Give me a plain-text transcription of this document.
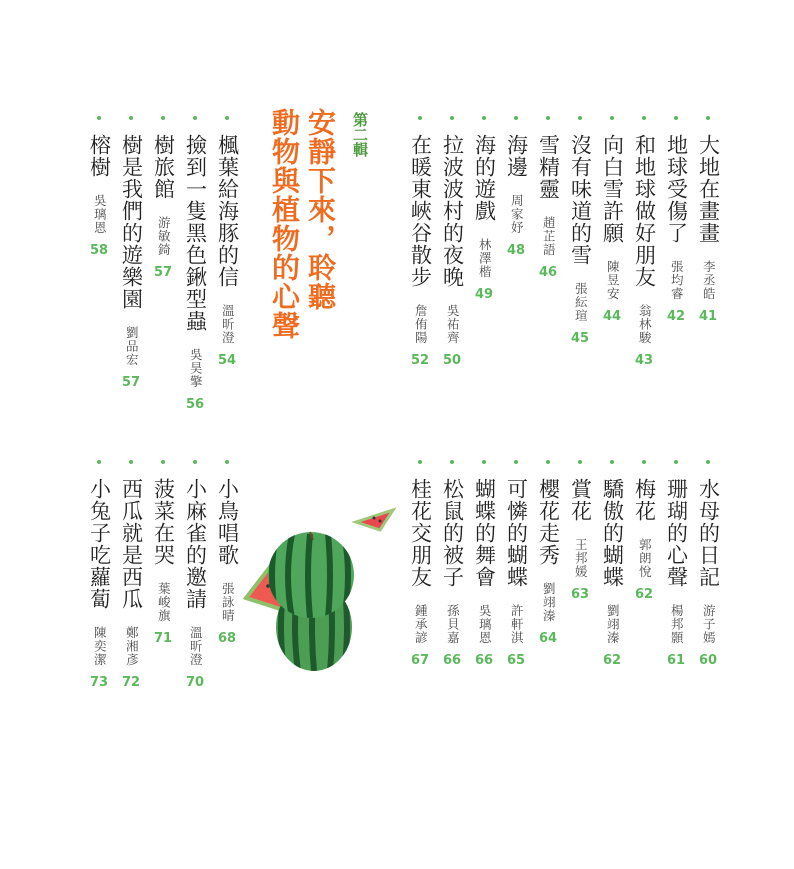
第二輯
安靜下來，聆聽
動物與植物的心聲	大地在畫畫
李丞皓
41
地球受傷了
張均睿
42
和地球做好朋友
翁林駿
43
向白雪許願
陳昱安
44
沒有味道的雪
張紜瑄
45
雪精靈
趙芷語
46
海邊
周家妤
48
海的遊戲
林澤楷
49
拉波波村的夜晚
吳祐齊
50
在暖東峽谷散步
詹侑陽
52
楓葉給海豚的信
溫昕澄
54
撿到一隻黑色鍬型蟲
吳昊擎
56
樹旅館
游敏錡
57
樹是我們的遊樂園
劉品宏
57
榕樹
吳璃恩
58
水母的日記
游子嫣
60
珊瑚的心聲
楊邦顥
61
梅花
郭朗悅
62
驕傲的蝴蝶
劉翊溱
62
賞花
王邦媛
63
櫻花走秀
劉翊溱
64
可憐的蝴蝶
許軒淇
65
蝴蝶的舞會
吳璃恩
66
松鼠的被子
孫貝嘉
66
桂花交朋友
鍾承諺
67
小鳥唱歌
張詠晴
68
小麻雀的邀請
溫昕澄
70
菠菜在哭
葉峻旗
71
西瓜就是西瓜
鄭湘彥
72
小兔子吃蘿蔔
陳奕潔
73
